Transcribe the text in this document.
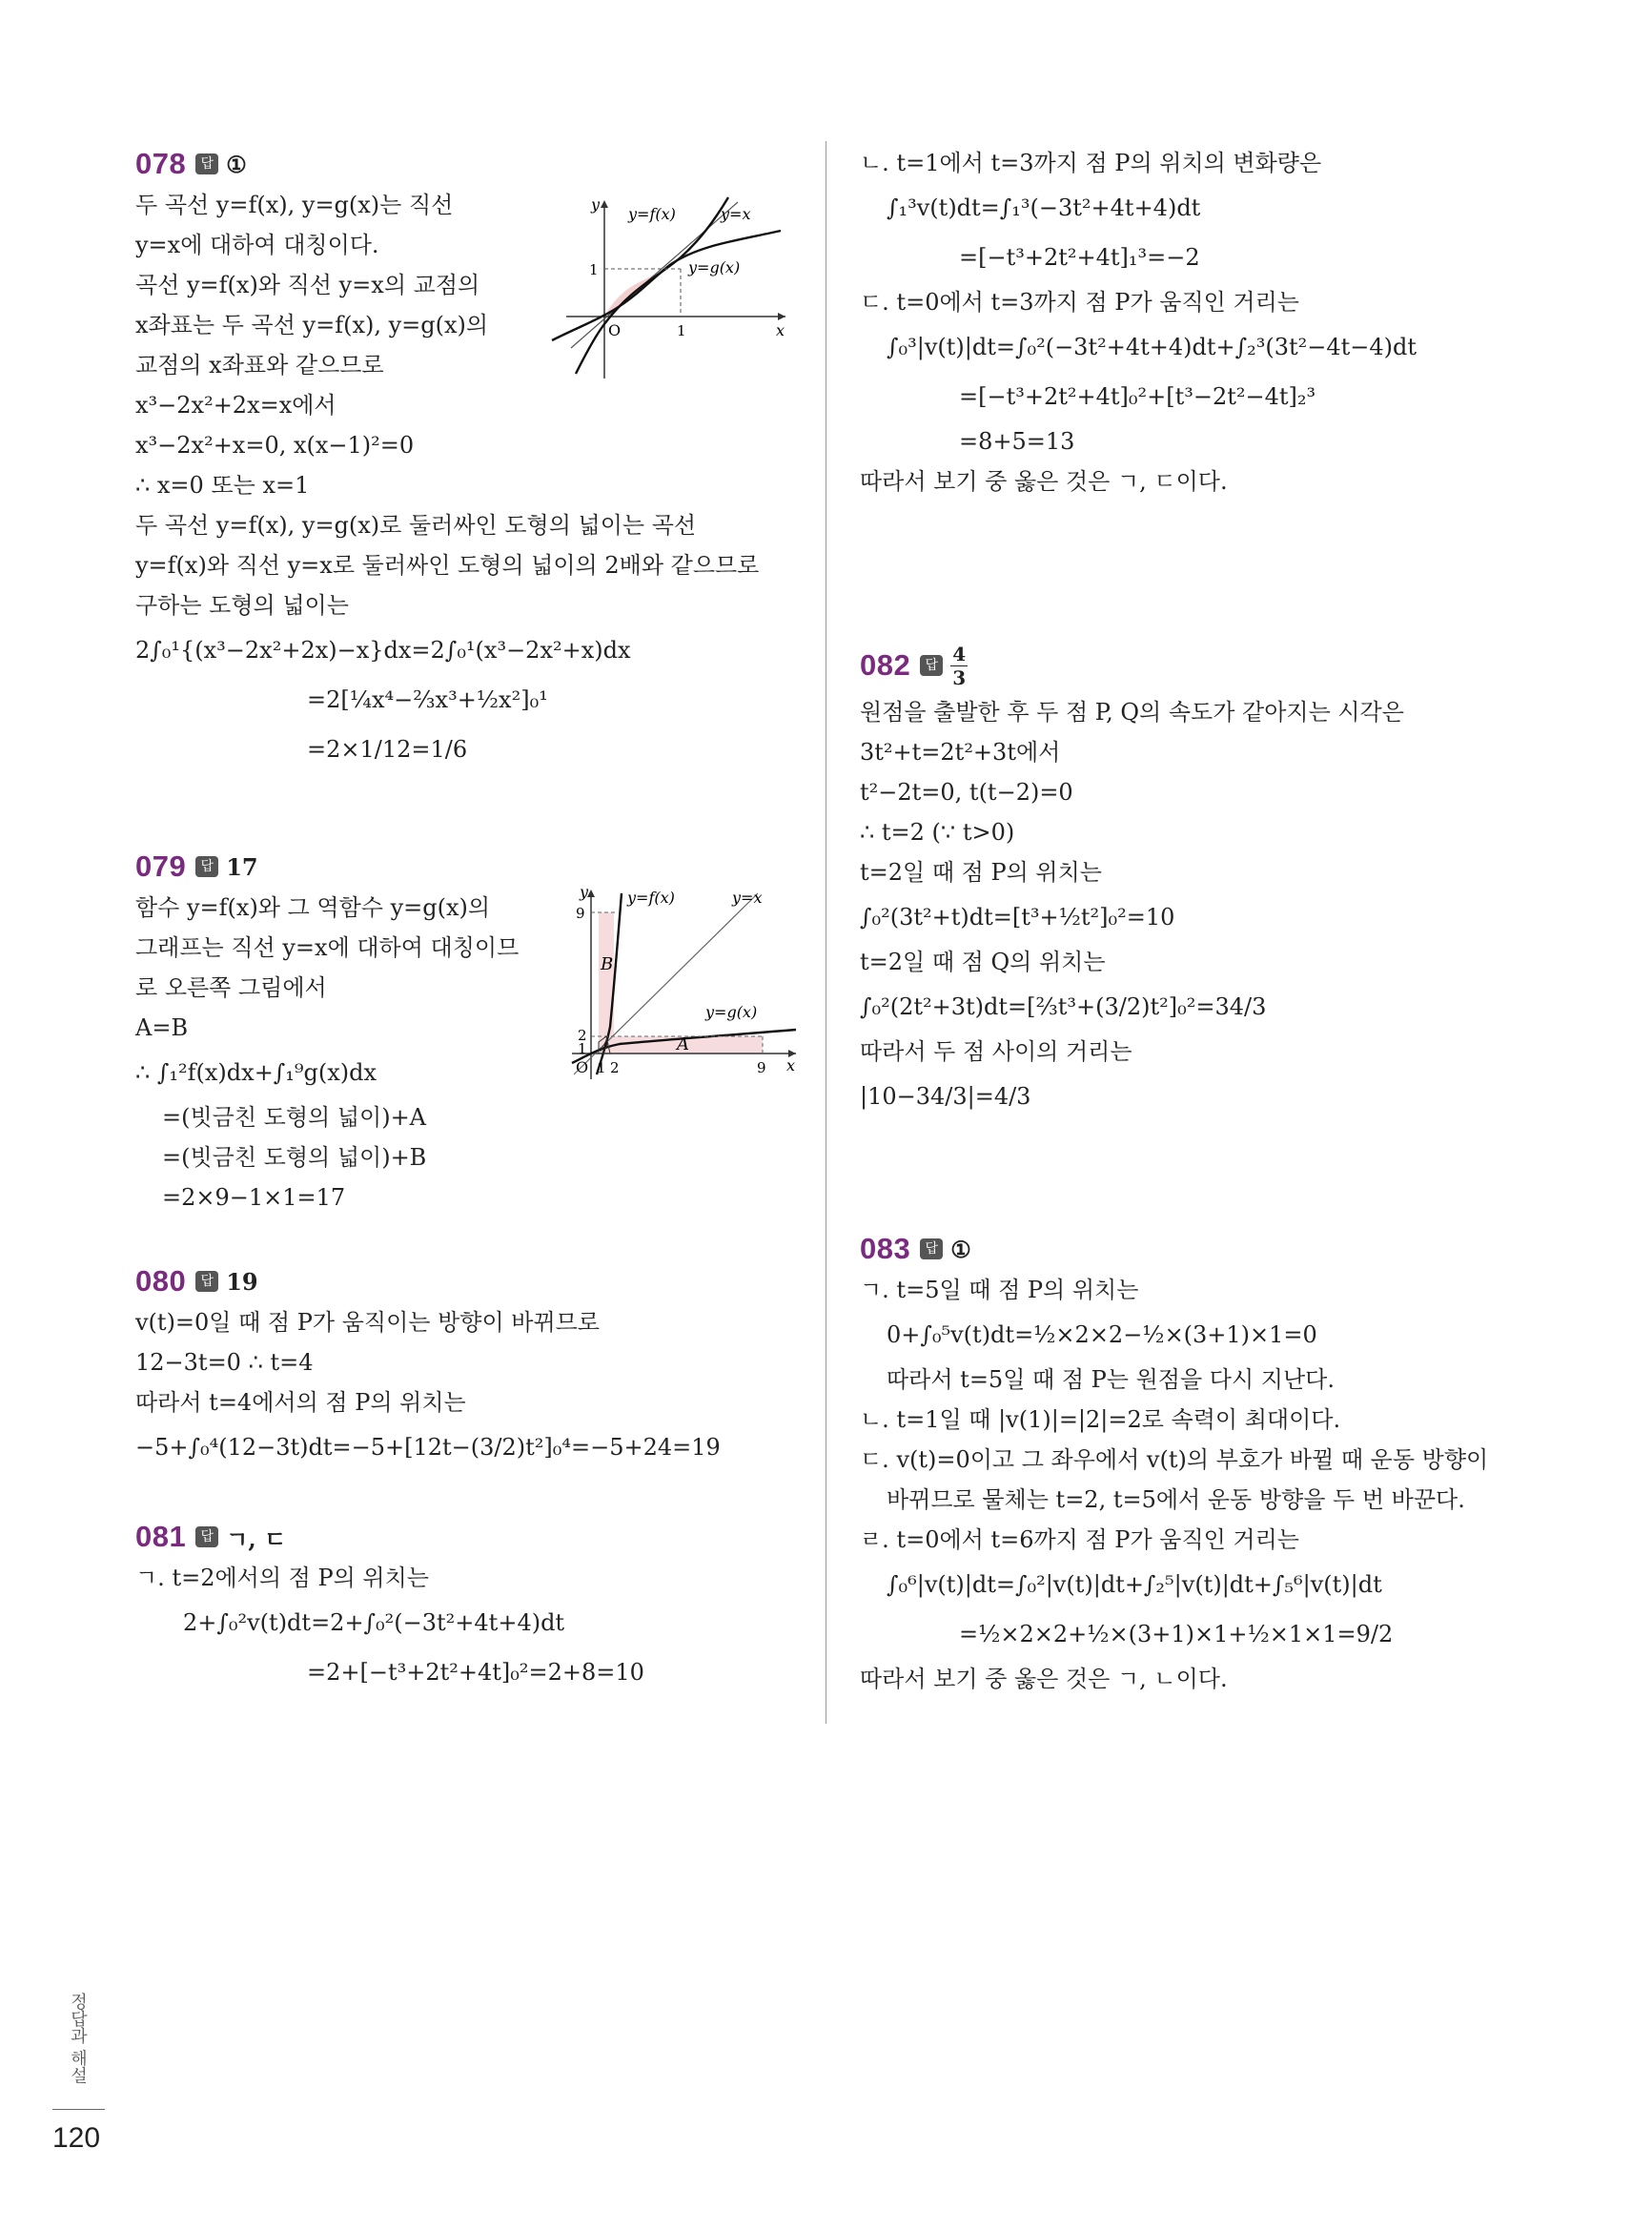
078	답 ①
두 곡선 y=f(x), y=g(x)는 직선
y=x에 대하여 대칭이다.
곡선 y=f(x)와 직선 y=x의 교점의
x좌표는 두 곡선 y=f(x), y=g(x)의
교점의 x좌표와 같으므로
x³−2x²+2x=x에서
x³−2x²+x=0, x(x−1)²=0
∴ x=0 또는 x=1
두 곡선 y=f(x), y=g(x)로 둘러싸인 도형의 넓이는 곡선
y=f(x)와 직선 y=x로 둘러싸인 도형의 넓이의 2배와 같으므로
구하는 도형의 넓이는
2∫₀¹{(x³−2x²+2x)−x}dx=2∫₀¹(x³−2x²+x)dx
=2[¼x⁴−⅔x³+½x²]₀¹
=2×1/12=1/6
y
x
O	1
1
y=f(x)	y=x
y=g(x)
079	답 17
함수 y=f(x)와 그 역함수 y=g(x)의
그래프는 직선 y=x에 대하여 대칭이므
로 오른쪽 그림에서
A=B
∴ ∫₁²f(x)dx+∫₁⁹g(x)dx
=(빗금친 도형의 넓이)+A
=(빗금친 도형의 넓이)+B
=2×9−1×1=17
y
x
O
9
2
1
1 2	9
A
B
y=f(x)	y=x
y=g(x)
080	답 19
v(t)=0일 때 점 P가 움직이는 방향이 바뀌므로
12−3t=0 ∴ t=4
따라서 t=4에서의 점 P의 위치는
−5+∫₀⁴(12−3t)dt=−5+[12t−(3/2)t²]₀⁴=−5+24=19
081	답 ㄱ, ㄷ
ㄱ. t=2에서의 점 P의 위치는
2+∫₀²v(t)dt=2+∫₀²(−3t²+4t+4)dt
=2+[−t³+2t²+4t]₀²=2+8=10
ㄴ. t=1에서 t=3까지 점 P의 위치의 변화량은
∫₁³v(t)dt=∫₁³(−3t²+4t+4)dt
=[−t³+2t²+4t]₁³=−2
ㄷ. t=0에서 t=3까지 점 P가 움직인 거리는
∫₀³|v(t)|dt=∫₀²(−3t²+4t+4)dt+∫₂³(3t²−4t−4)dt
=[−t³+2t²+4t]₀²+[t³−2t²−4t]₂³
=8+5=13
따라서 보기 중 옳은 것은 ㄱ, ㄷ이다.
082	답 $\frac{4}{3}$
원점을 출발한 후 두 점 P, Q의 속도가 같아지는 시각은
3t²+t=2t²+3t에서
t²−2t=0, t(t−2)=0
∴ t=2 (∵ t>0)
t=2일 때 점 P의 위치는
∫₀²(3t²+t)dt=[t³+½t²]₀²=10
t=2일 때 점 Q의 위치는
∫₀²(2t²+3t)dt=[⅔t³+(3/2)t²]₀²=34/3
따라서 두 점 사이의 거리는
|10−34/3|=4/3
083	답 ①
ㄱ. t=5일 때 점 P의 위치는
0+∫₀⁵v(t)dt=½×2×2−½×(3+1)×1=0
따라서 t=5일 때 점 P는 원점을 다시 지난다.
ㄴ. t=1일 때 |v(1)|=|2|=2로 속력이 최대이다.
ㄷ. v(t)=0이고 그 좌우에서 v(t)의 부호가 바뀔 때 운동 방향이
바뀌므로 물체는 t=2, t=5에서 운동 방향을 두 번 바꾼다.
ㄹ. t=0에서 t=6까지 점 P가 움직인 거리는
∫₀⁶|v(t)|dt=∫₀²|v(t)|dt+∫₂⁵|v(t)|dt+∫₅⁶|v(t)|dt
=½×2×2+½×(3+1)×1+½×1×1=9/2
따라서 보기 중 옳은 것은 ㄱ, ㄴ이다.
정답과 해설
120
